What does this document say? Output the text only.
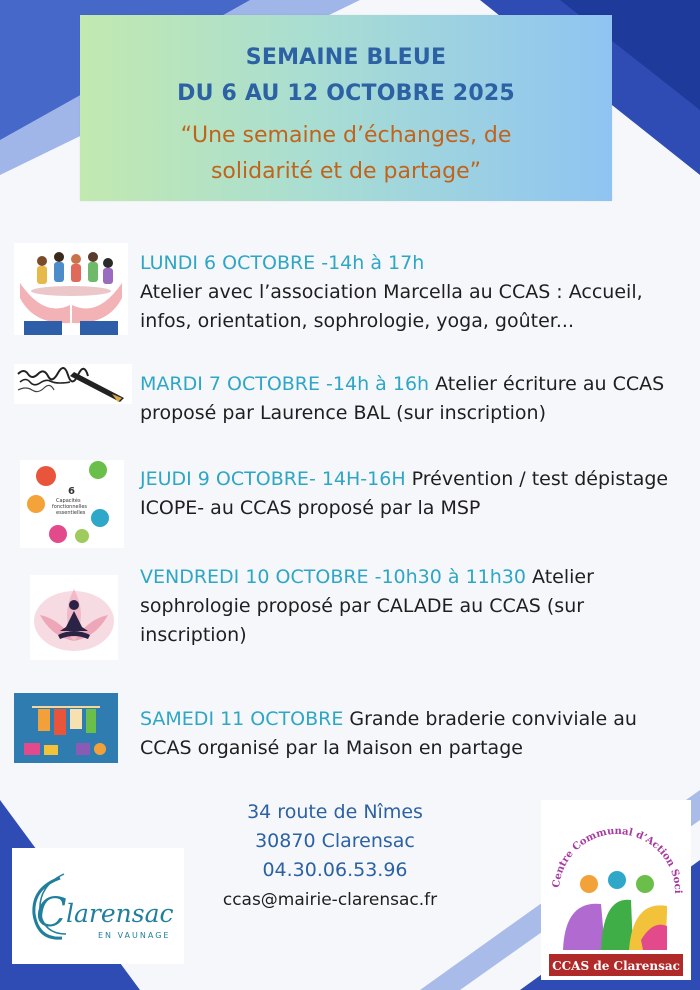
SEMAINE BLEUE
DU 6 AU 12 OCTOBRE 2025
“Une semaine d’échanges, de
solidarité et de partage”
LUNDI 6 OCTOBRE -14h à 17h
Atelier avec l’association Marcella au CCAS : Accueil, infos, orientation, sophrologie, yoga, goûter...
MARDI 7 OCTOBRE -14h à 16h Atelier écriture au CCAS proposé par Laurence BAL (sur inscription)
6
Capacités
fonctionnelles
essentielles
JEUDI 9 OCTOBRE- 14H-16H Prévention / test dépistage ICOPE- au CCAS proposé par la MSP
VENDREDI 10 OCTOBRE -10h30 à 11h30 Atelier sophrologie proposé par CALADE au CCAS (sur inscription)
SAMEDI 11 OCTOBRE Grande braderie conviviale au CCAS organisé par la Maison en partage
34 route de Nîmes
30870 Clarensac
04.30.06.53.96
ccas@mairie-clarensac.fr
C larensac
EN VAUNAGE
Centre Communal d’Action Soci
CCAS de Clarensac
